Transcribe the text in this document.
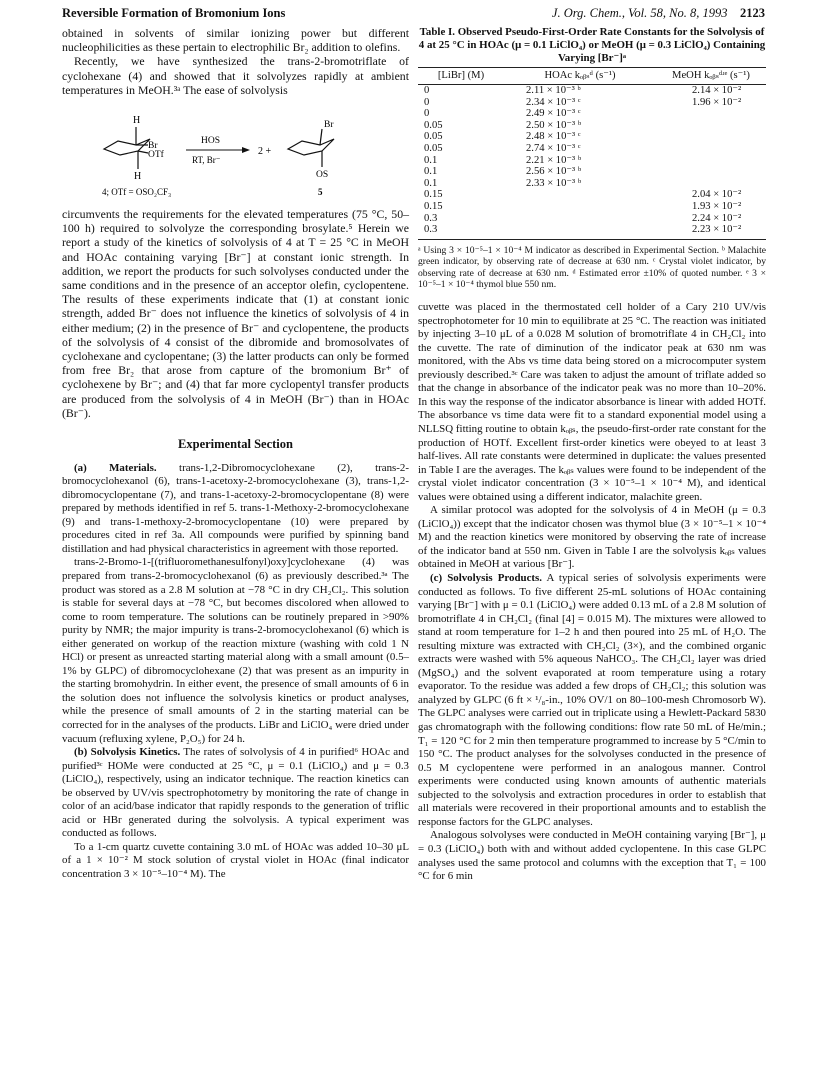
Reversible Formation of Bromonium Ions	J. Org. Chem., Vol. 58, No. 8, 1993 2123

obtained in solvents of similar ionizing power but different nucleophilicities as these pertain to electrophilic Br₂ addition to olefins.

Recently, we have synthesized the trans-2-bromotriflate of cyclohexane (4) and showed that it solvolyzes rapidly at ambient temperatures in MeOH.³ᵃ The ease of solvolysis

H
Br
OTf
H
HOS
RT, Br⁻
2 +
Br
OS
4; OTf = OSO₂CF₃	5

circumvents the requirements for the elevated temperatures (75 °C, 50–100 h) required to solvolyze the corresponding brosylate.⁵ Herein we report a study of the kinetics of solvolysis of 4 at T = 25 °C in MeOH and HOAc containing varying [Br⁻] at constant ionic strength. In addition, we report the products for such solvolyses conducted under the same conditions and in the presence of an acceptor olefin, cyclopentene. The results of these experiments indicate that (1) at constant ionic strength, added Br⁻ does not influence the kinetics of solvolysis of 4 in either medium; (2) in the presence of Br⁻ and cyclopentene, the products of the solvolysis of 4 consist of the dibromide and bromosolvates of cyclohexane and cyclopentane; (3) the latter products can only be formed from free Br₂ that arose from capture of the bromonium Br⁺ of cyclohexene by Br⁻; and (4) that far more cyclopentyl transfer products are produced from the solvolysis of 4 in MeOH (Br⁻) than in HOAc (Br⁻).

Experimental Section

(a) Materials. trans-1,2-Dibromocyclohexane (2), trans-2-bromocyclohexanol (6), trans-1-acetoxy-2-bromocyclohexane (3), trans-1,2-dibromocyclopentane (7), and trans-1-acetoxy-2-bromocyclopentane (8) were prepared by methods identified in ref 5. trans-1-Methoxy-2-bromocyclohexane (9) and trans-1-methoxy-2-bromocyclopentane (10) were prepared by procedures cited in ref 3a. All compounds were purified by spinning band distillation and had physical characteristics in agreement with those reported.

trans-2-Bromo-1-[(trifluoromethanesulfonyl)oxy]cyclohexane (4) was prepared from trans-2-bromocyclohexanol (6) as previously described.³ᵃ The product was stored as a 2.8 M solution at −78 °C in dry CH₂Cl₂. This solution is stable for several days at −78 °C, but becomes discolored when allowed to come to room temperature. The solutions can be routinely prepared in >90% purity by NMR; the major impurity is trans-2-bromocyclohexanol (6) which is either generated on workup of the reaction mixture (washing with cold 1 N HCl) or present as unreacted starting material along with a small amount (0.5–1% by GLPC) of dibromocyclohexane (2) that was present as an impurity in the starting bromohydrin. In either event, the presence of small amounts of 6 in the solution does not influence the solvolysis kinetics or product analyses, while the presence of small amounts of 2 in the starting material can be corrected for in the analyses of the products. LiBr and LiClO₄ were dried under vacuum (refluxing xylene, P₂O₅) for 24 h.

(b) Solvolysis Kinetics. The rates of solvolysis of 4 in purified⁶ HOAc and purified³ᶜ HOMe were conducted at 25 °C, μ = 0.1 (LiClO₄) and μ = 0.3 (LiClO₄), respectively, using an indicator technique. The reaction kinetics can be observed by UV/vis spectrophotometry by monitoring the rate of change in color of an acid/base indicator that rapidly responds to the generation of triflic acid or HBr generated during the solvolysis. A typical experiment was conducted as follows.

To a 1-cm quartz cuvette containing 3.0 mL of HOAc was added 10–30 μL of a 1 × 10⁻² M stock solution of crystal violet in HOAc (final indicator concentration 3 × 10⁻⁵–10⁻⁴ M). The

Table I. Observed Pseudo-First-Order Rate Constants for the Solvolysis of 4 at 25 °C in HOAc (μ = 0.1 LiClO₄) or MeOH (μ = 0.3 LiClO₄) Containing Varying [Br⁻]ᵃ
[LiBr] (M)	HOAc kₒᵦₛᵈ (s⁻¹)	MeOH kₒᵦₛᵈʴᵉ (s⁻¹)
0	2.11 × 10⁻³ ᵇ	2.14 × 10⁻²
0	2.34 × 10⁻³ ᶜ	1.96 × 10⁻²
0	2.49 × 10⁻³ ᶜ	
0.05	2.50 × 10⁻³ ᵇ	
0.05	2.48 × 10⁻³ ᶜ	
0.05	2.74 × 10⁻³ ᶜ	
0.1	2.21 × 10⁻³ ᵇ	
0.1	2.56 × 10⁻³ ᵇ	
0.1	2.33 × 10⁻³ ᵇ	
0.15		2.04 × 10⁻²
0.15		1.93 × 10⁻²
0.3		2.24 × 10⁻²
0.3		2.23 × 10⁻²
ᵃ Using 3 × 10⁻⁵–1 × 10⁻⁴ M indicator as described in Experimental Section. ᵇ Malachite green indicator, by observing rate of decrease at 630 nm. ᶜ Crystal violet indicator, by observing rate of decrease at 630 nm. ᵈ Estimated error ±10% of quoted number. ᵉ 3 × 10⁻⁵–1 × 10⁻⁴ thymol blue 550 nm.

cuvette was placed in the thermostated cell holder of a Cary 210 UV/vis spectrophotometer for 10 min to equilibrate at 25 °C. The reaction was initiated by injecting 3–10 μL of a 0.028 M solution of bromotriflate 4 in CH₂Cl₂ into the cuvette. The rate of diminution of the indicator peak at 630 nm was monitored, with the Abs vs time data being stored on a microcomputer system previously described.³ᶜ Care was taken to adjust the amount of triflate added so that the change in absorbance of the indicator peak was no more than 10–20%. In this way the response of the indicator absorbance is linear with added HOTf. The absorbance vs time data were fit to a standard exponential model using a NLLSQ fitting routine to obtain kₒᵦₛ, the pseudo-first-order rate constant for the production of HOTf. Excellent first-order kinetics were obeyed to at least 3 half-lives. All rate constants were determined in duplicate: the values presented in Table I are the averages. The kₒᵦₛ values were found to be independent of the crystal violet indicator concentration (3 × 10⁻⁵–1 × 10⁻⁴ M), and identical values were obtained using a different indicator, malachite green.

A similar protocol was adopted for the solvolysis of 4 in MeOH (μ = 0.3 (LiClO₄)) except that the indicator chosen was thymol blue (3 × 10⁻⁵–1 × 10⁻⁴ M) and the reaction kinetics were monitored by observing the rate of increase of the indicator band at 550 nm. Given in Table I are the solvolysis kₒᵦₛ values obtained in MeOH at various [Br⁻].

(c) Solvolysis Products. A typical series of solvolysis experiments were conducted as follows. To five different 25-mL solutions of HOAc containing varying [Br⁻] with μ = 0.1 (LiClO₄) were added 0.13 mL of a 2.8 M solution of bromotriflate 4 in CH₂Cl₂ (final [4] = 0.015 M). The mixtures were allowed to stand at room temperature for 1–2 h and then poured into 25 mL of H₂O. The resulting mixture was extracted with CH₂Cl₂ (3×), and the combined organic extracts were washed with 5% aqueous NaHCO₃. The CH₂Cl₂ layer was dried (MgSO₄) and the solvent evaporated at room temperature using a rotary evaporator. To the residue was added a few drops of CH₂Cl₂; this solution was analyzed by GLPC (6 ft × ¹/₈-in., 10% OV/1 on 80–100-mesh Chromosorb W). The GLPC analyses were carried out in triplicate using a Hewlett-Packard 5830 gas chromatograph with the following conditions: flow rate 50 mL of He/min.; T₁ = 120 °C for 2 min then temperature programmed to increase by 5 °C/min to 150 °C. The product analyses for the solvolyses conducted in the presence of 0.5 M cyclopentene were performed in an analogous manner. Control experiments were conducted using known amounts of authentic materials subjected to the solvolysis and extraction procedures in order to establish that all materials were recovered in their proportional amounts and to establish the response factors for the GLPC analyses.

Analogous solvolyses were conducted in MeOH containing varying [Br⁻], μ = 0.3 (LiClO₄) both with and without added cyclopentene. In this case GLPC analyses used the same protocol and columns with the exception that T₁ = 100 °C for 6 min
